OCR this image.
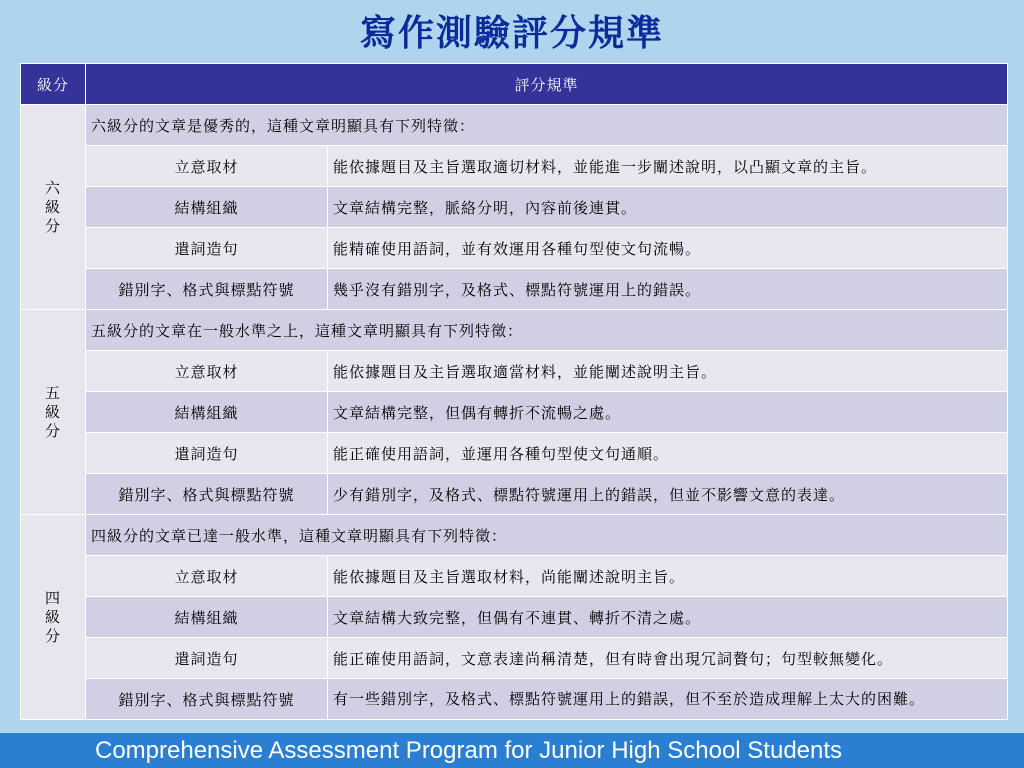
寫作測驗評分規準
級分	評分規準	

六
級
分	六級分的文章是優秀的，這種文章明顯具有下列特徵：	
	立意取材	能依據題目及主旨選取適切材料，並能進一步闡述說明，以凸顯文章的主旨。
	結構組織	文章結構完整，脈絡分明，內容前後連貫。
	遣詞造句	能精確使用語詞，並有效運用各種句型使文句流暢。
	錯別字、格式與標點符號	幾乎沒有錯別字，及格式、標點符號運用上的錯誤。

五
級
分	五級分的文章在一般水準之上，這種文章明顯具有下列特徵：	
	立意取材	能依據題目及主旨選取適當材料，並能闡述說明主旨。
	結構組織	文章結構完整，但偶有轉折不流暢之處。
	遣詞造句	能正確使用語詞，並運用各種句型使文句通順。
	錯別字、格式與標點符號	少有錯別字，及格式、標點符號運用上的錯誤，但並不影響文意的表達。

四
級
分	四級分的文章已達一般水準，這種文章明顯具有下列特徵：	
	立意取材	能依據題目及主旨選取材料，尚能闡述說明主旨。
	結構組織	文章結構大致完整，但偶有不連貫、轉折不清之處。
	遣詞造句	能正確使用語詞，文意表達尚稱清楚，但有時會出現冗詞贅句；句型較無變化。
	錯別字、格式與標點符號	有一些錯別字，及格式、標點符號運用上的錯誤，但不至於造成理解上太大的困難。
Comprehensive Assessment Program for Junior High School Students
